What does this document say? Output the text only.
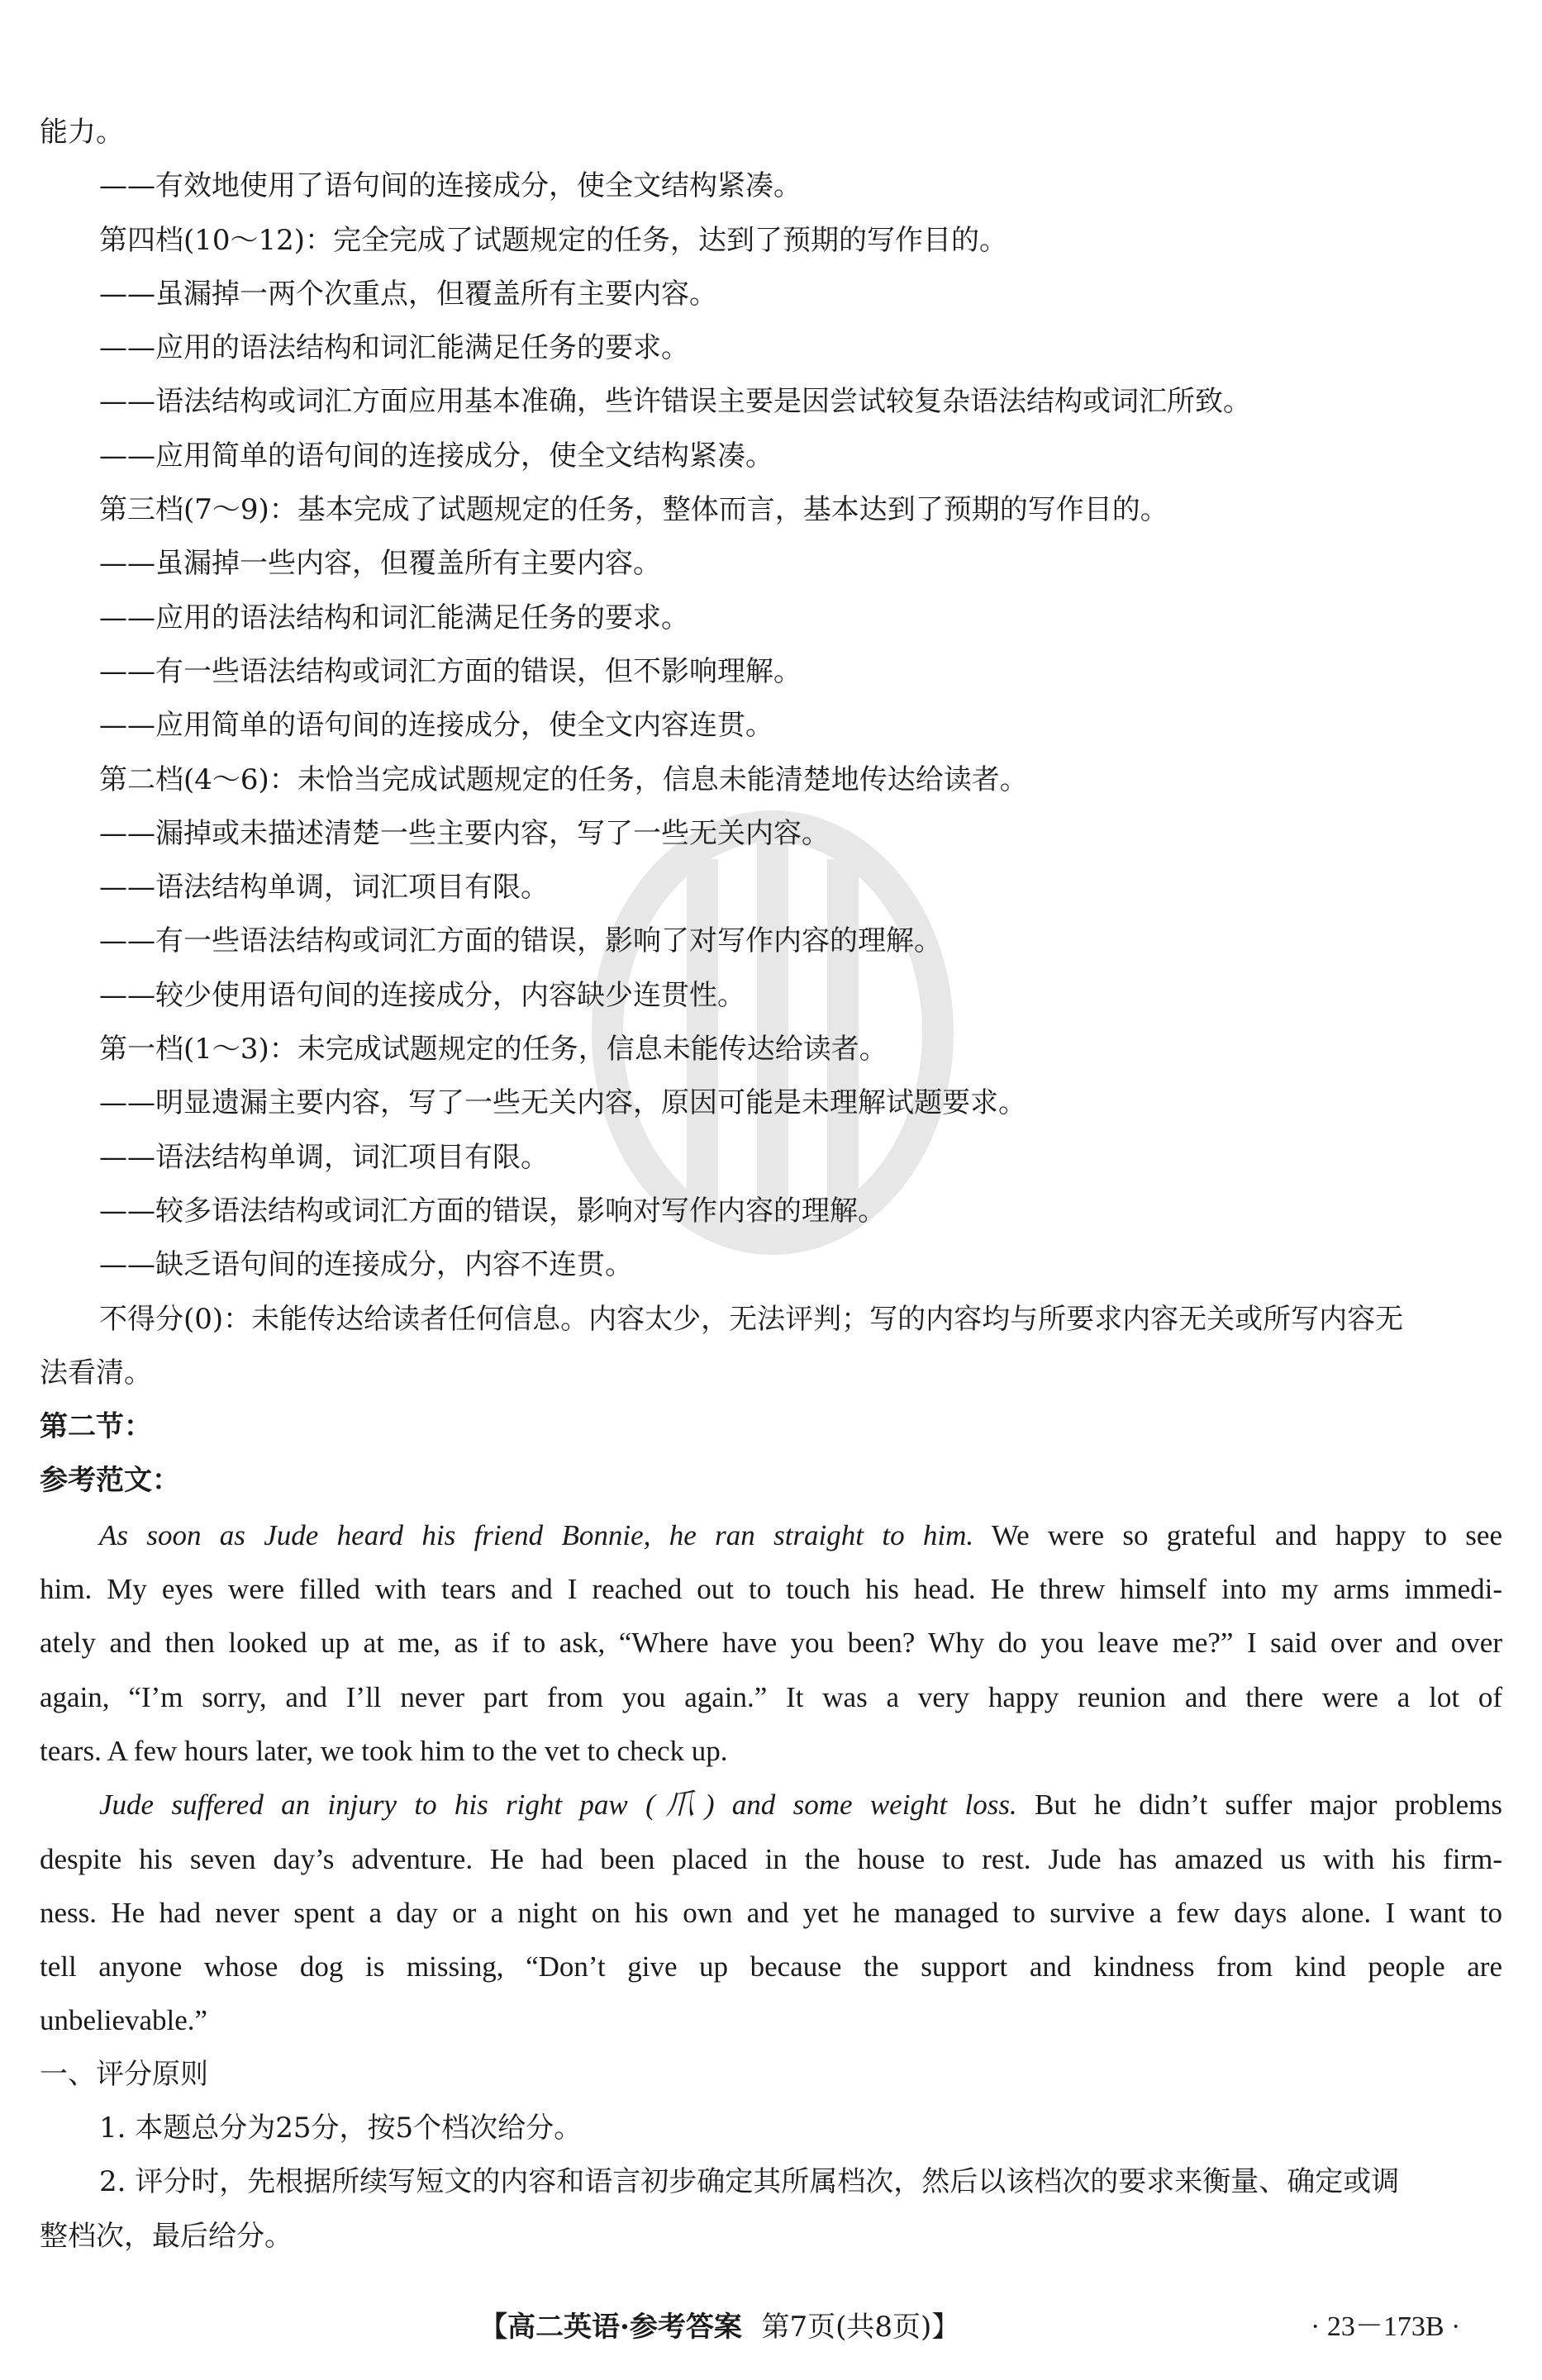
能力。
——有效地使用了语句间的连接成分，使全文结构紧凑。
第四档(10～12)：完全完成了试题规定的任务，达到了预期的写作目的。
——虽漏掉一两个次重点，但覆盖所有主要内容。
——应用的语法结构和词汇能满足任务的要求。
——语法结构或词汇方面应用基本准确，些许错误主要是因尝试较复杂语法结构或词汇所致。
——应用简单的语句间的连接成分，使全文结构紧凑。
第三档(7～9)：基本完成了试题规定的任务，整体而言，基本达到了预期的写作目的。
——虽漏掉一些内容，但覆盖所有主要内容。
——应用的语法结构和词汇能满足任务的要求。
——有一些语法结构或词汇方面的错误，但不影响理解。
——应用简单的语句间的连接成分，使全文内容连贯。
第二档(4～6)：未恰当完成试题规定的任务，信息未能清楚地传达给读者。
——漏掉或未描述清楚一些主要内容，写了一些无关内容。
——语法结构单调，词汇项目有限。
——有一些语法结构或词汇方面的错误，影响了对写作内容的理解。
——较少使用语句间的连接成分，内容缺少连贯性。
第一档(1～3)：未完成试题规定的任务，信息未能传达给读者。
——明显遗漏主要内容，写了一些无关内容，原因可能是未理解试题要求。
——语法结构单调，词汇项目有限。
——较多语法结构或词汇方面的错误，影响对写作内容的理解。
——缺乏语句间的连接成分，内容不连贯。
不得分(0)：未能传达给读者任何信息。内容太少，无法评判；写的内容均与所要求内容无关或所写内容无
法看清。
第二节：
参考范文：
As soon as Jude heard his friend Bonnie, he ran straight to him. We were so grateful and happy to see
him. My eyes were filled with tears and I reached out to touch his head. He threw himself into my arms immedi-
ately and then looked up at me, as if to ask, “Where have you been? Why do you leave me?” I said over and over
again, “I’m sorry, and I’ll never part from you again.” It was a very happy reunion and there were a lot of
tears. A few hours later, we took him to the vet to check up.
Jude suffered an injury to his right paw (爪) and some weight loss. But he didn’t suffer major problems
despite his seven day’s adventure. He had been placed in the house to rest. Jude has amazed us with his firm-
ness. He had never spent a day or a night on his own and yet he managed to survive a few days alone. I want to
tell anyone whose dog is missing, “Don’t give up because the support and kindness from kind people are
unbelievable.”
一、评分原则
1. 本题总分为25分，按5个档次给分。
2. 评分时，先根据所续写短文的内容和语言初步确定其所属档次，然后以该档次的要求来衡量、确定或调
整档次，最后给分。
【高二英语·参考答案 第7页(共8页)】	· 23－173B ·
